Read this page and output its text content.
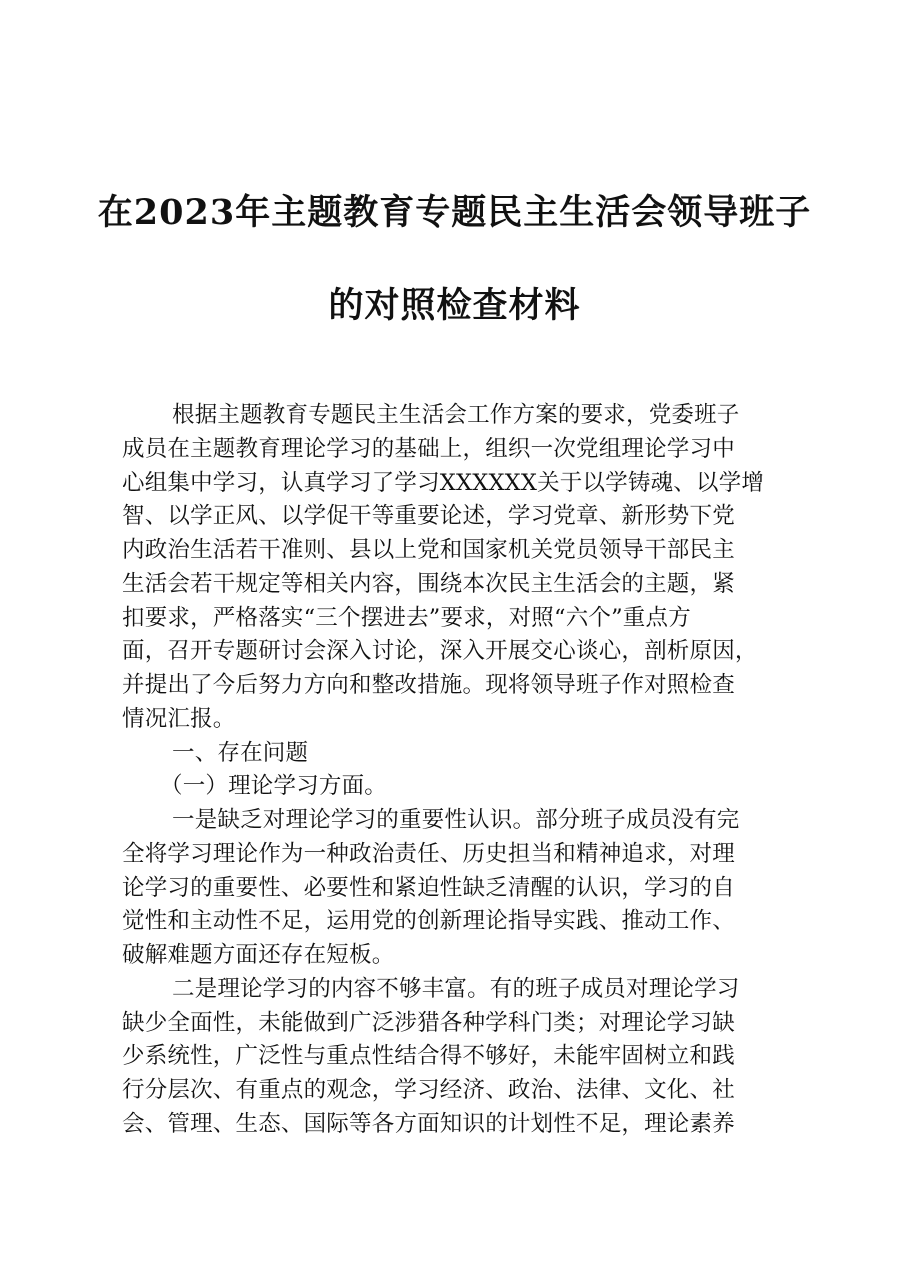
在2023年主题教育专题民主生活会领导班子
的对照检查材料
根据主题教育专题民主生活会工作方案的要求，党委班子
成员在主题教育理论学习的基础上，组织一次党组理论学习中
心组集中学习，认真学习了学习XXXXXX关于以学铸魂、以学增
智、以学正风、以学促干等重要论述，学习党章、新形势下党
内政治生活若干准则、县以上党和国家机关党员领导干部民主
生活会若干规定等相关内容，围绕本次民主生活会的主题，紧
扣要求，严格落实“三个摆进去”要求，对照“六个”重点方
面，召开专题研讨会深入讨论，深入开展交心谈心，剖析原因，
并提出了今后努力方向和整改措施。现将领导班子作对照检查
情况汇报。
一、存在问题
（一）理论学习方面。
一是缺乏对理论学习的重要性认识。部分班子成员没有完
全将学习理论作为一种政治责任、历史担当和精神追求，对理
论学习的重要性、必要性和紧迫性缺乏清醒的认识，学习的自
觉性和主动性不足，运用党的创新理论指导实践、推动工作、
破解难题方面还存在短板。
二是理论学习的内容不够丰富。有的班子成员对理论学习
缺少全面性，未能做到广泛涉猎各种学科门类；对理论学习缺
少系统性，广泛性与重点性结合得不够好，未能牢固树立和践
行分层次、有重点的观念，学习经济、政治、法律、文化、社
会、管理、生态、国际等各方面知识的计划性不足，理论素养
